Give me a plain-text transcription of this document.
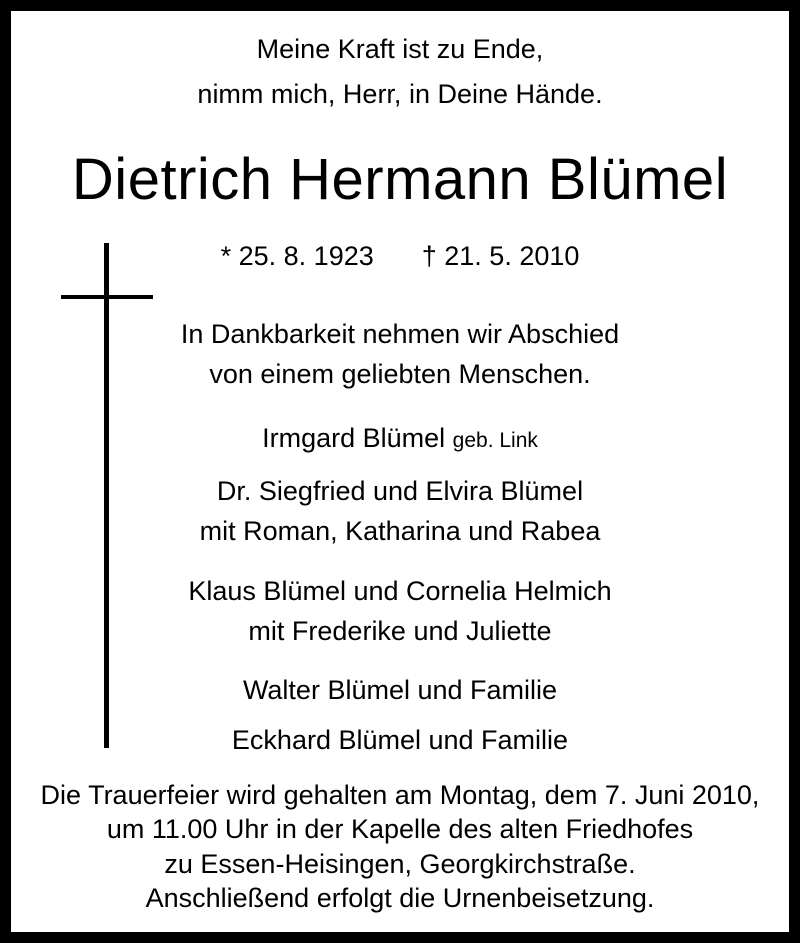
Meine Kraft ist zu Ende,
nimm mich, Herr, in Deine Hände.
Dietrich Hermann Blümel
* 25. 8. 1923 † 21. 5. 2010
In Dankbarkeit nehmen wir Abschied
von einem geliebten Menschen.
Irmgard Blümel geb. Link
Dr. Siegfried und Elvira Blümel
mit Roman, Katharina und Rabea
Klaus Blümel und Cornelia Helmich
mit Frederike und Juliette
Walter Blümel und Familie
Eckhard Blümel und Familie
Die Trauerfeier wird gehalten am Montag, dem 7. Juni 2010,
um 11.00 Uhr in der Kapelle des alten Friedhofes
zu Essen-Heisingen, Georgkirchstraße.
Anschließend erfolgt die Urnenbeisetzung.
